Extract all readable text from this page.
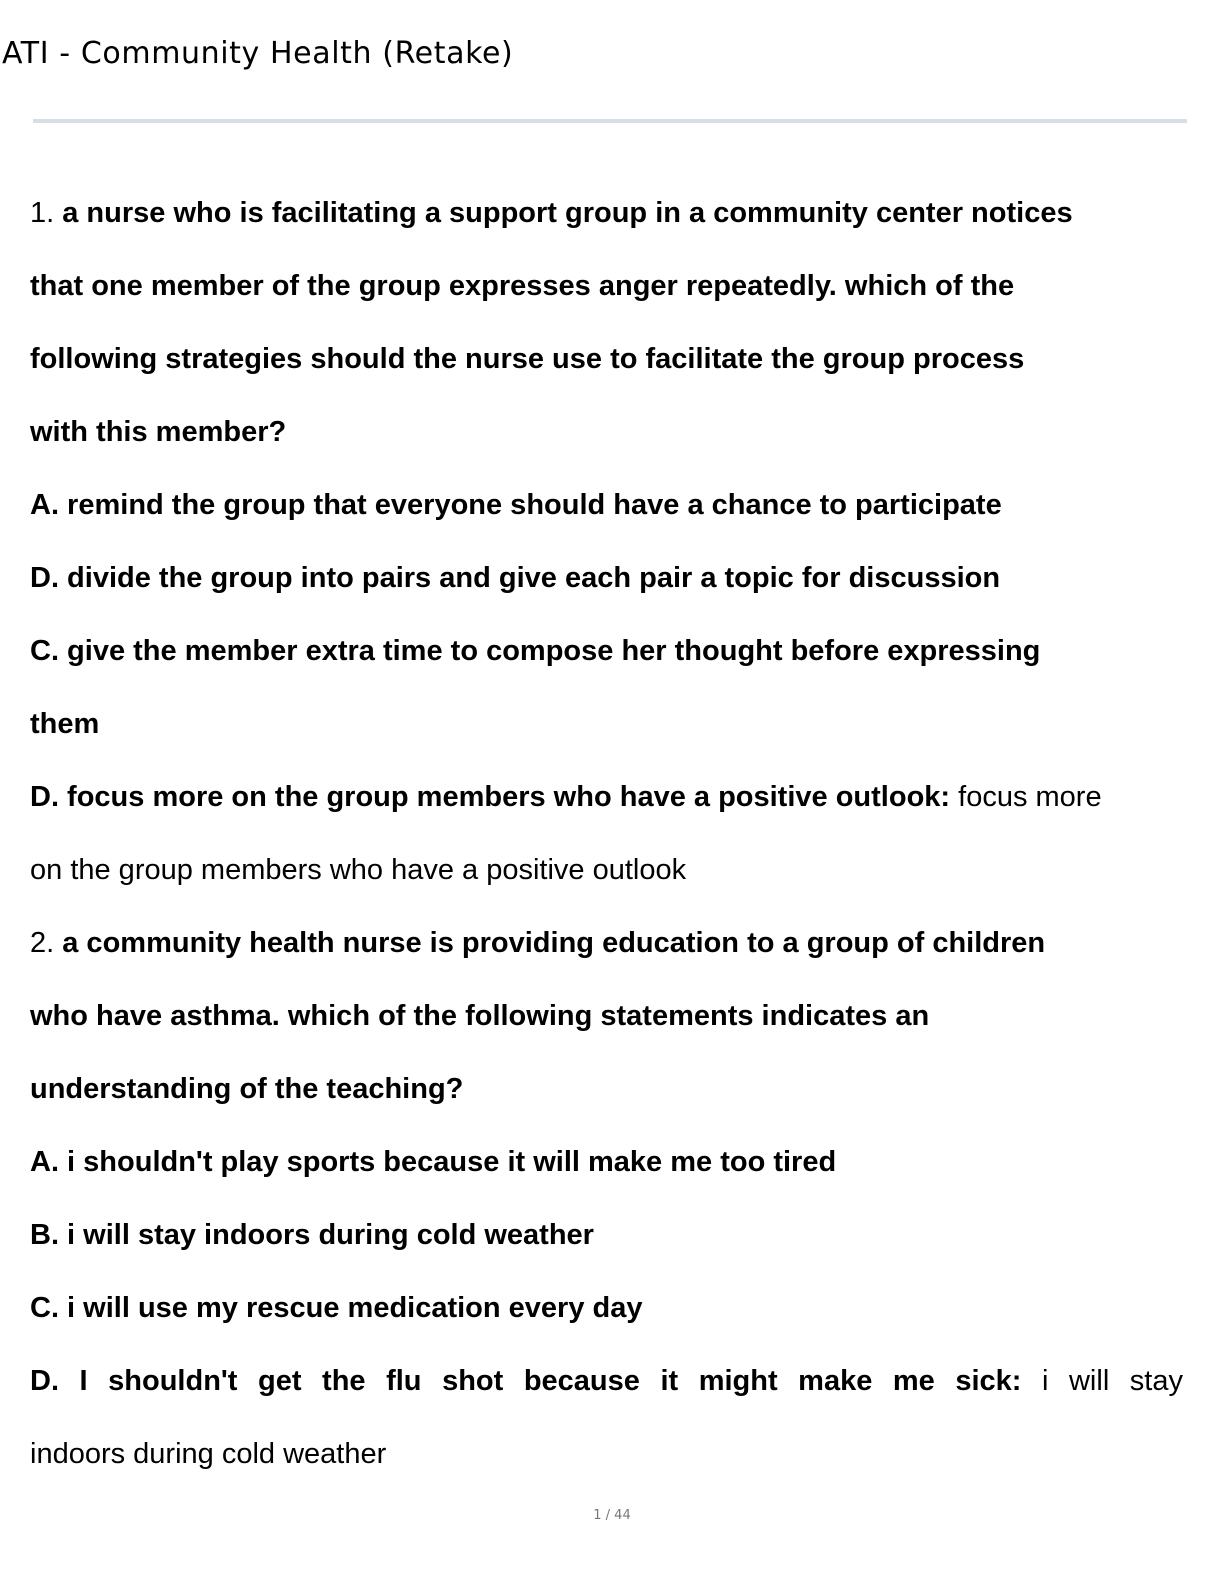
ATI - Community Health (Retake)
1. a nurse who is facilitating a support group in a community center notices
that one member of the group expresses anger repeatedly. which of the
following strategies should the nurse use to facilitate the group process
with this member?
A. remind the group that everyone should have a chance to participate
D. divide the group into pairs and give each pair a topic for discussion
C. give the member extra time to compose her thought before expressing
them
D. focus more on the group members who have a positive outlook: focus more
on the group members who have a positive outlook
2. a community health nurse is providing education to a group of children
who have asthma. which of the following statements indicates an
understanding of the teaching?
A. i shouldn't play sports because it will make me too tired
B. i will stay indoors during cold weather
C. i will use my rescue medication every day
D. I shouldn't get the flu shot because it might make me sick: i will stay
indoors during cold weather
1 / 44
